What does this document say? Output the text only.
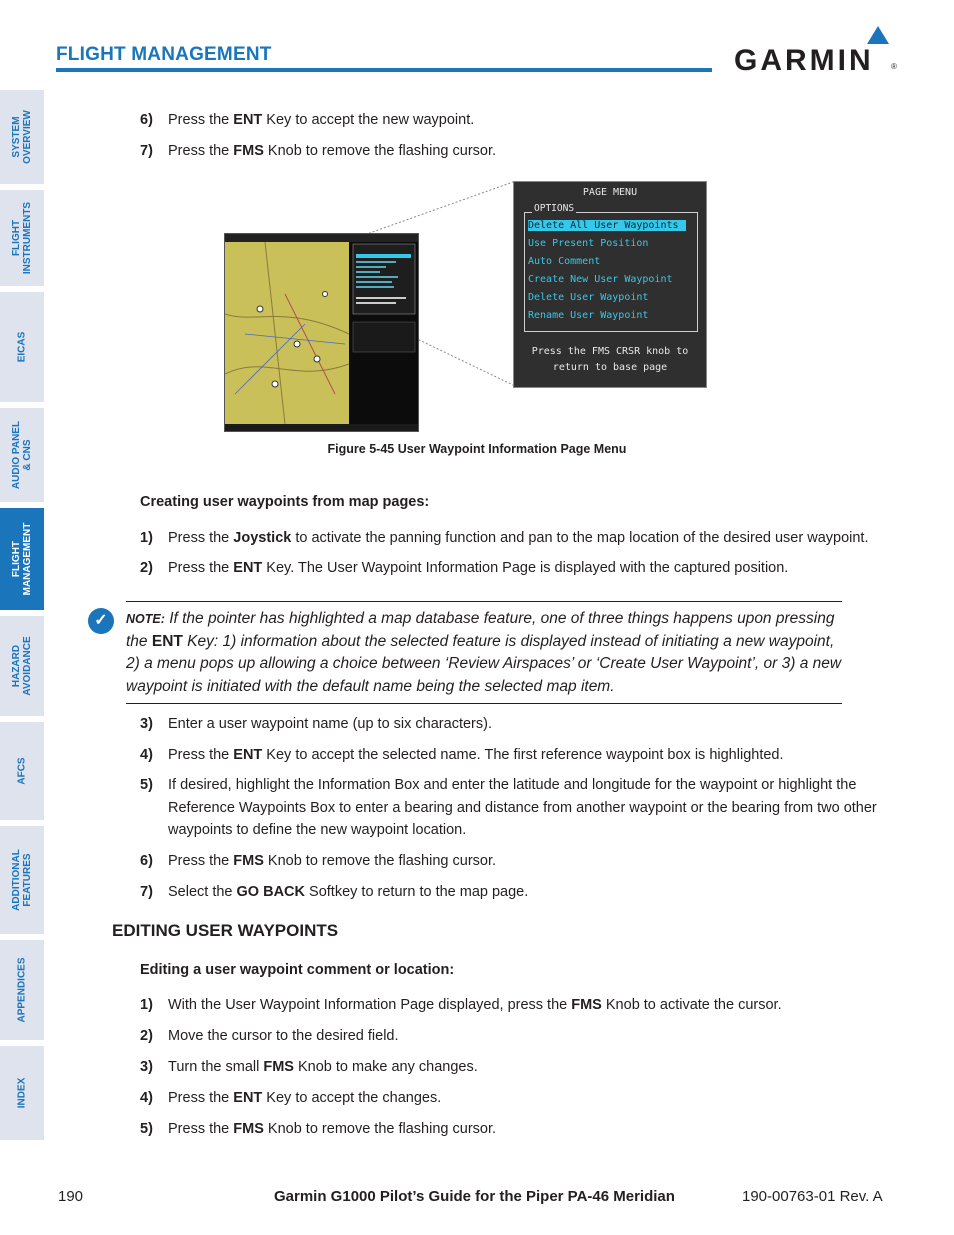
FLIGHT MANAGEMENT	GARMIN ®
SYSTEM
OVERVIEW
FLIGHT
INSTRUMENTS
EICAS
AUDIO PANEL
& CNS
FLIGHT
MANAGEMENT
HAZARD
AVOIDANCE
AFCS
ADDITIONAL
FEATURES
APPENDICES
INDEX
6) Press the ENT Key to accept the new waypoint.
7) Press the FMS Knob to remove the flashing cursor.
PAGE MENU
OPTIONS
Delete All User Waypoints
Use Present Position
Auto Comment
Create New User Waypoint
Delete User Waypoint
Rename User Waypoint
Press the FMS CRSR knob to
return to base page
Figure 5-45 User Waypoint Information Page Menu
Creating user waypoints from map pages:
1) Press the Joystick to activate the panning function and pan to the map location of the desired user waypoint.
2) Press the ENT Key. The User Waypoint Information Page is displayed with the captured position.
✓	NOTE: If the pointer has highlighted a map database feature, one of three things happens upon pressing the ENT Key: 1) information about the selected feature is displayed instead of initiating a new waypoint, 2) a menu pops up allowing a choice between ‘Review Airspaces’ or ‘Create User Waypoint’, or 3) a new waypoint is initiated with the default name being the selected map item.
3) Enter a user waypoint name (up to six characters).
4) Press the ENT Key to accept the selected name. The first reference waypoint box is highlighted.
5) If desired, highlight the Information Box and enter the latitude and longitude for the waypoint or highlight the
Reference Waypoints Box to enter a bearing and distance from another waypoint or the bearing from two other
waypoints to define the new waypoint location.
6) Press the FMS Knob to remove the flashing cursor.
7) Select the GO BACK Softkey to return to the map page.
EDITING USER WAYPOINTS
Editing a user waypoint comment or location:
1) With the User Waypoint Information Page displayed, press the FMS Knob to activate the cursor.
2) Move the cursor to the desired field.
3) Turn the small FMS Knob to make any changes.
4) Press the ENT Key to accept the changes.
5) Press the FMS Knob to remove the flashing cursor.
190	Garmin G1000 Pilot’s Guide for the Piper PA-46 Meridian	190-00763-01 Rev. A
